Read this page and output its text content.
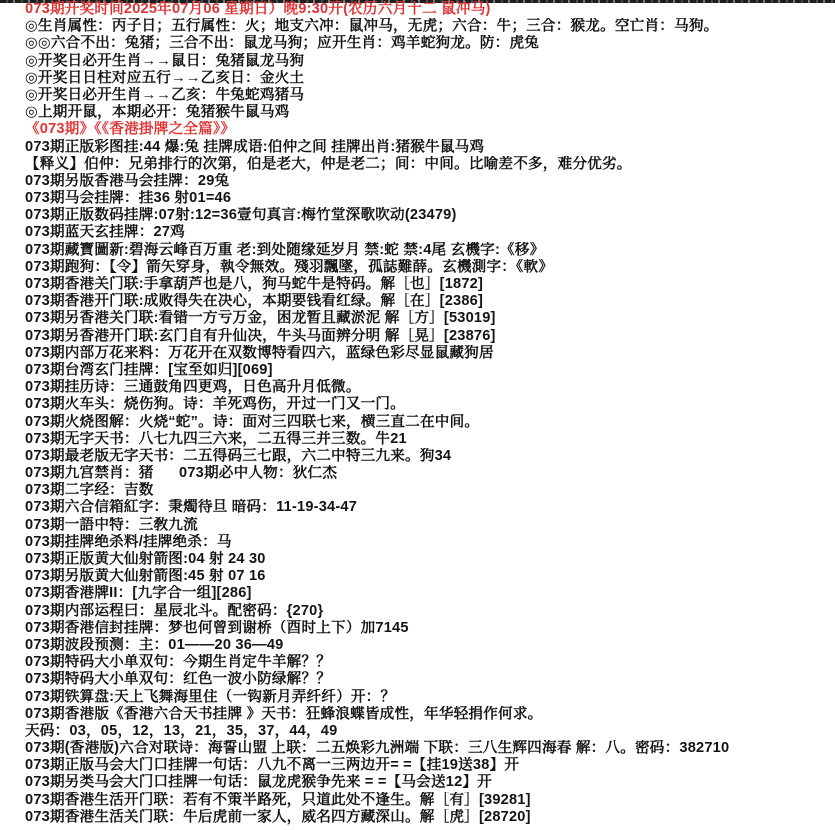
073期开奖时间2025年07月06 星期日）晚9:30开(农历六月十二 鼠冲马)
◎生肖属性：丙子日；五行属性：火；地支六冲：鼠冲马，无虎；六合：牛；三合：猴龙。空亡肖：马狗。
◎◎六合不出：兔猪；三合不出：鼠龙马狗；应开生肖：鸡羊蛇狗龙。防：虎兔
◎开奖日必开生肖→→鼠日：兔猪鼠龙马狗
◎开奖日日柱对应五行→→乙亥日：金火土
◎开奖日必开生肖→→乙亥：牛兔蛇鸡猪马
◎上期开鼠，本期必开：兔猪猴牛鼠马鸡
《073期》《《香港掛牌之全篇》》
073期正版彩图挂:44 爆:兔 挂牌成语:伯仲之间 挂牌出肖:猪猴牛鼠马鸡
【释义】伯仲：兄弟排行的次第，伯是老大，仲是老二；间：中间。比喻差不多，难分优劣。
073期另版香港马会挂牌：29兔
073期马会挂牌：挂36 射01=46
073期正版数码挂牌:07射:12=36壹句真言:梅竹堂深歌吹动(23479)
073期蓝天玄挂牌：27鸡
073期藏寶圖新:碧海云峰百万重 老:到处随缘延岁月 禁:蛇 禁:4尾 玄機字:《移》
073期跑狗：【令】箭矢穿身，執令無效。殘羽飄墜，孤誌難薛。玄機測字：《軟》
073期香港关门联:手拿葫芦也是八，狗马蛇牛是特码。解［也］[1872]
073期香港开门联:成败得失在决心，本期要钱看红绿。解［在］[2386]
073期另香港关门联:看错一方亏万金，困龙暂且藏淤泥 解［方］[53019]
073期另香港开门联:玄门自有升仙决，牛头马面辨分明 解［晃］[23876]
073期内部万花来料：万花开在双数博特看四六，蓝绿色彩尽显鼠藏狗居
073期台湾玄门挂牌：[宝至如归][069]
073期挂历诗：三通鼓角四更鸡，日色高升月低微。
073期火车头：烧伤狗。诗：羊死鸡伤，开过一门又一门。
073期火烧图解：火烧“蛇”。诗：面对三四联七来，横三直二在中间。
073期无字天书：八七九四三六来，二五得三并三数。牛21
073期最老版无字天书：二五得码三七跟，六二中特三九来。狗34
073期九宫禁肖：猪      073期必中人物：狄仁杰
073期二字经：吉数
073期六合信箱紅字：秉燭待旦 暗码：11-19-34-47
073期一語中特：三敎九流
073期挂牌绝杀料/挂牌绝杀：马
073期正版黄大仙射箭图:04 射 24 30
073期另版黄大仙射箭图:45 射 07 16
073期香港牌II：[九字合一组][286]
073期内部运程曰：星辰北斗。配密码：{270}
073期香港信封挂牌：梦也何曾到谢桥（酉时上下）加7145
073期波段预测：主：01——20 36—49
073期特码大小单双句：今期生肖定牛羊解？？
073期特码大小单双句：红色一波小防绿解？？
073期铁算盘:天上飞舞海里住（一钩新月弄纤纤）开：？
073期香港版《香港六合天书挂牌 》天书：狂蜂浪蝶皆成性，年华轻捐作何求。
天码：03，05，12，13，21，35，37，44，49
073期(香港版)六合对联诗：海誓山盟 上联：二五焕彩九洲端 下联：三八生辉四海春 解：八。密码：382710
073期正版马会大门口挂牌一句话：八九不离一三两边开= =【挂19送38】开
073期另类马会大门口挂牌一句话：鼠龙虎猴争先来 = =【马会送12】开
073期香港生活开门联：若有不策半路死，只道此处不逢生。解［有］[39281]
073期香港生活关门联：牛后虎前一家人，威名四方藏深山。解［虎］[28720]
